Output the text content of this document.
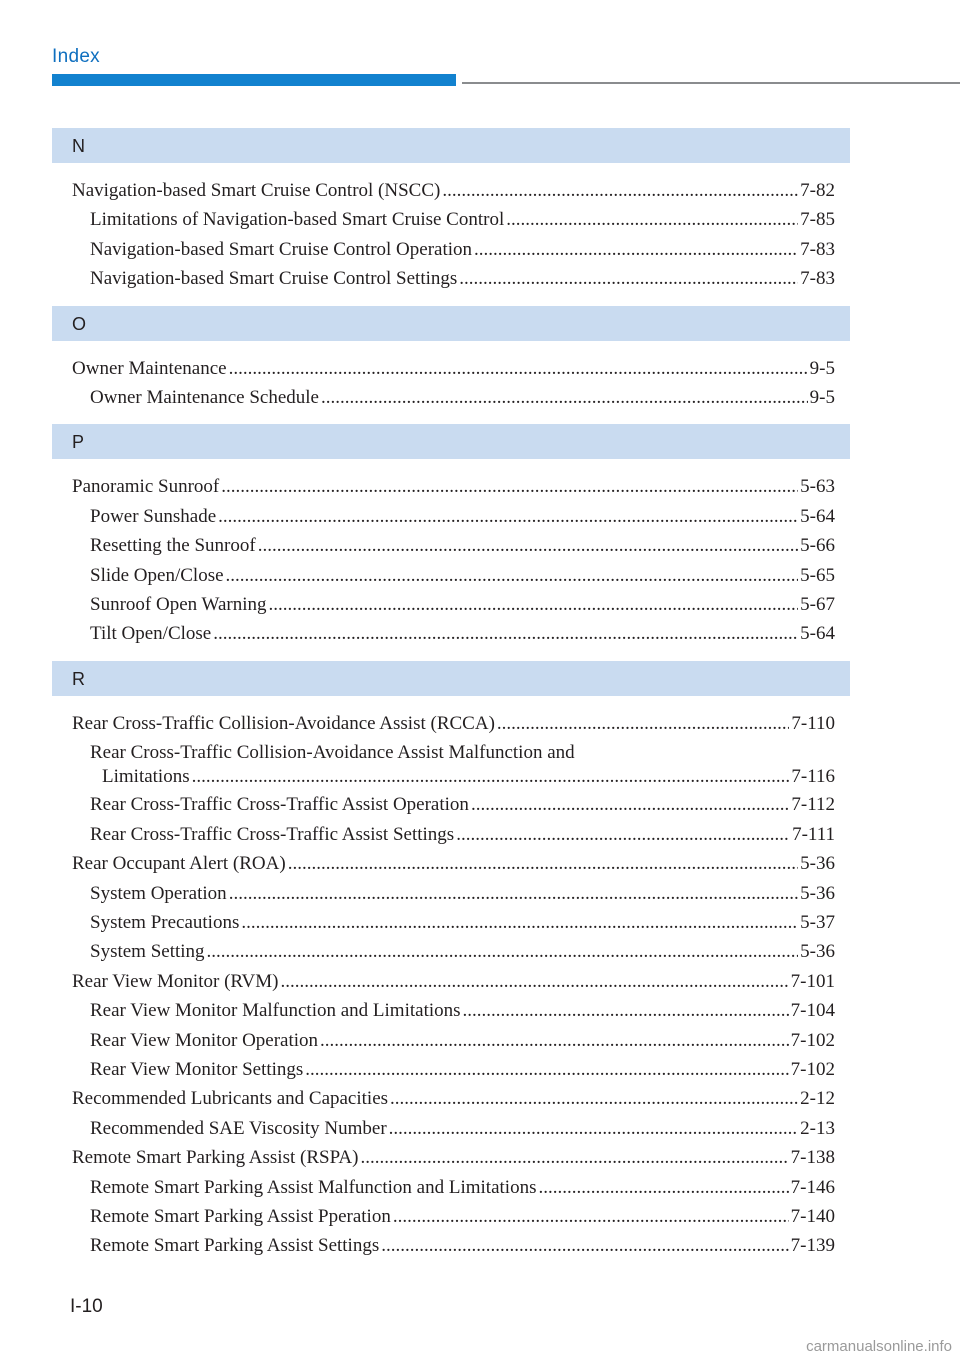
Index
N
Navigation-based Smart Cruise Control (NSCC) .....	7-82
Limitations of Navigation-based Smart Cruise Control .....	7-85
Navigation-based Smart Cruise Control Operation .....	7-83
Navigation-based Smart Cruise Control Settings .....	7-83
O
Owner Maintenance .....	9-5
Owner Maintenance Schedule .....	9-5
P
Panoramic Sunroof .....	5-63
Power Sunshade .....	5-64
Resetting the Sunroof .....	5-66
Slide Open/Close .....	5-65
Sunroof Open Warning .....	5-67
Tilt Open/Close .....	5-64
R
Rear Cross-Traffic Collision-Avoidance Assist (RCCA) .....	7-110
Rear Cross-Traffic Collision-Avoidance Assist Malfunction and
Limitations .....	7-116
Rear Cross-Traffic Cross-Traffic Assist Operation .....	7-112
Rear Cross-Traffic Cross-Traffic Assist Settings .....	7-111
Rear Occupant Alert (ROA) .....	5-36
System Operation .....	5-36
System Precautions .....	5-37
System Setting .....	5-36
Rear View Monitor (RVM) .....	7-101
Rear View Monitor Malfunction and Limitations .....	7-104
Rear View Monitor Operation .....	7-102
Rear View Monitor Settings .....	7-102
Recommended Lubricants and Capacities .....	2-12
Recommended SAE Viscosity Number .....	2-13
Remote Smart Parking Assist (RSPA) .....	7-138
Remote Smart Parking Assist Malfunction and Limitations .....	7-146
Remote Smart Parking Assist Pperation .....	7-140
Remote Smart Parking Assist Settings .....	7-139
I-10
carmanualsonline.info
